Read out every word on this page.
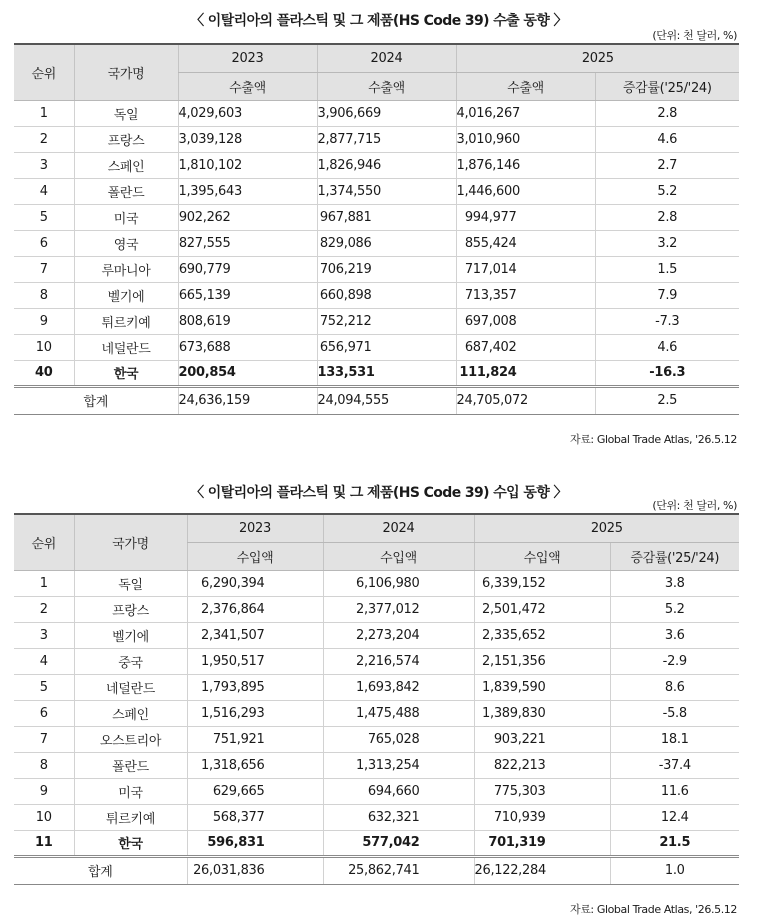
〈 이탈리아의 플라스틱 및 그 제품(HS Code 39) 수출 동향 〉
(단위: 천 달러, %)
순위	국가명	2023	2024	2025	
		수출액	수출액	수출액	증감률('25/'24)
1	독일	4,029,603	3,906,669	4,016,267	2.8
2	프랑스	3,039,128	2,877,715	3,010,960	4.6
3	스페인	1,810,102	1,826,946	1,876,146	2.7
4	폴란드	1,395,643	1,374,550	1,446,600	5.2
5	미국	902,262	967,881	994,977	2.8
6	영국	827,555	829,086	855,424	3.2
7	루마니아	690,779	706,219	717,014	1.5
8	벨기에	665,139	660,898	713,357	7.9
9	튀르키예	808,619	752,212	697,008	-7.3
10	네덜란드	673,688	656,971	687,402	4.6
40	한국	200,854	133,531	111,824	-16.3
합계		24,636,159	24,094,555	24,705,072	2.5
자료: Global Trade Atlas, '26.5.12
〈 이탈리아의 플라스틱 및 그 제품(HS Code 39) 수입 동향 〉
(단위: 천 달러, %)
순위	국가명	2023	2024	2025	
		수입액	수입액	수입액	증감률('25/'24)
1	독일	6,290,394	6,106,980	6,339,152	3.8
2	프랑스	2,376,864	2,377,012	2,501,472	5.2
3	벨기에	2,341,507	2,273,204	2,335,652	3.6
4	중국	1,950,517	2,216,574	2,151,356	-2.9
5	네덜란드	1,793,895	1,693,842	1,839,590	8.6
6	스페인	1,516,293	1,475,488	1,389,830	-5.8
7	오스트리아	751,921	765,028	903,221	18.1
8	폴란드	1,318,656	1,313,254	822,213	-37.4
9	미국	629,665	694,660	775,303	11.6
10	튀르키예	568,377	632,321	710,939	12.4
11	한국	596,831	577,042	701,319	21.5
합계		26,031,836	25,862,741	26,122,284	1.0
자료: Global Trade Atlas, '26.5.12
